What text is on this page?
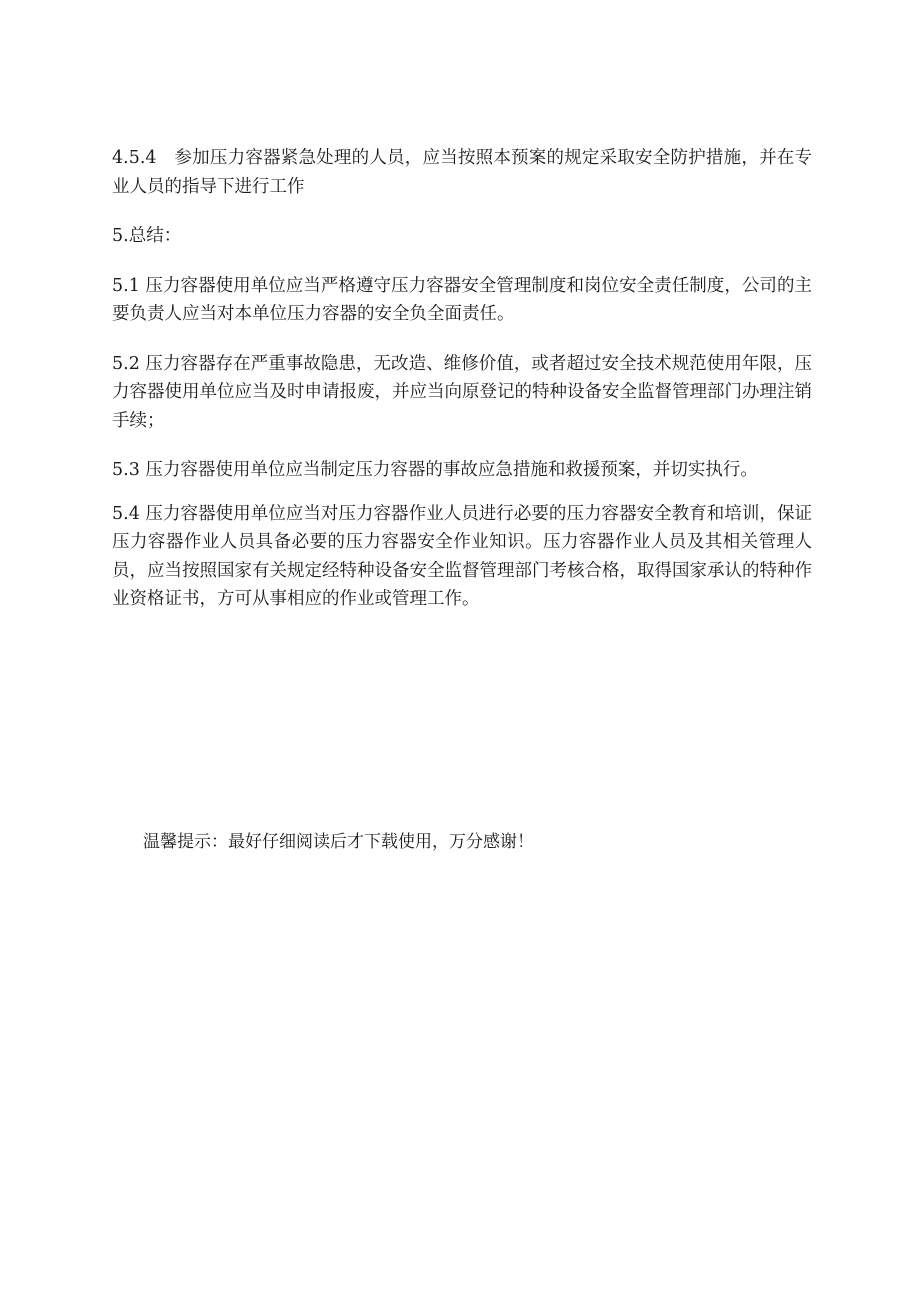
4.5.4　参加压力容器紧急处理的人员，应当按照本预案的规定采取安全防护措施，并在专业人员的指导下进行工作

5.总结：

5.1 压力容器使用单位应当严格遵守压力容器安全管理制度和岗位安全责任制度，公司的主要负责人应当对本单位压力容器的安全负全面责任。

5.2 压力容器存在严重事故隐患，无改造、维修价值，或者超过安全技术规范使用年限，压力容器使用单位应当及时申请报废，并应当向原登记的特种设备安全监督管理部门办理注销手续；

5.3 压力容器使用单位应当制定压力容器的事故应急措施和救援预案，并切实执行。

5.4 压力容器使用单位应当对压力容器作业人员进行必要的压力容器安全教育和培训，保证压力容器作业人员具备必要的压力容器安全作业知识。压力容器作业人员及其相关管理人员，应当按照国家有关规定经特种设备安全监督管理部门考核合格，取得国家承认的特种作业资格证书，方可从事相应的作业或管理工作。

温馨提示：最好仔细阅读后才下载使用，万分感谢！
